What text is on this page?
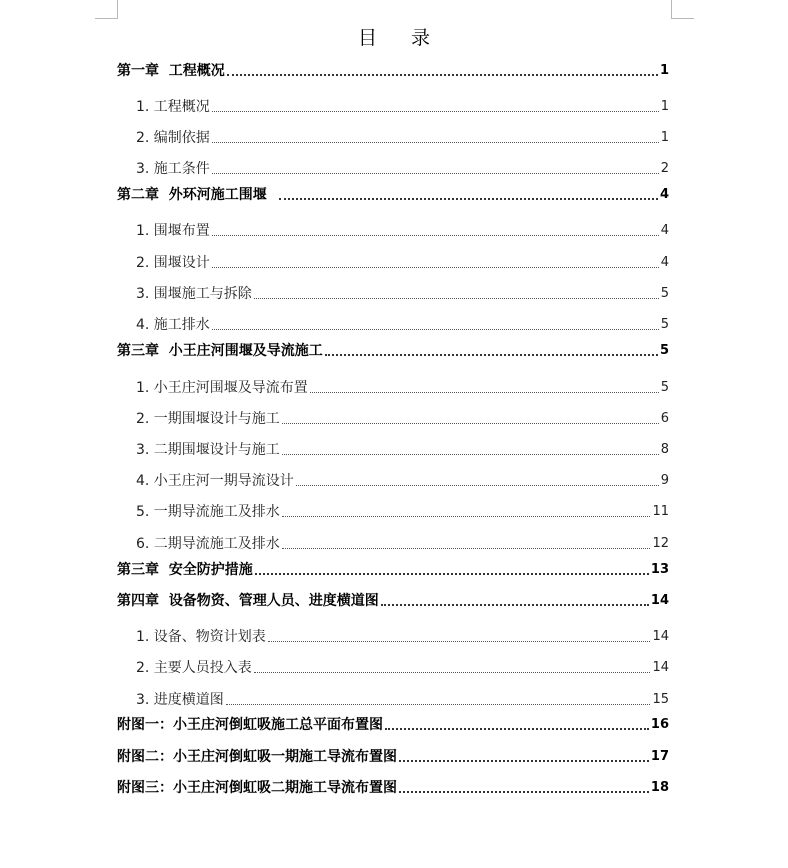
目 录
第一章  工程概况	1
1. 工程概况	1
2. 编制依据	1
3. 施工条件	2
第二章  外环河施工围堰	4
1. 围堰布置	4
2. 围堰设计	4
3. 围堰施工与拆除	5
4. 施工排水	5
第三章  小王庄河围堰及导流施工	5
1. 小王庄河围堰及导流布置	5
2. 一期围堰设计与施工	6
3. 二期围堰设计与施工	8
4. 小王庄河一期导流设计	9
5. 一期导流施工及排水	11
6. 二期导流施工及排水	12
第三章  安全防护措施	13
第四章  设备物资、管理人员、进度横道图	14
1. 设备、物资计划表	14
2. 主要人员投入表	14
3. 进度横道图	15
附图一：小王庄河倒虹吸施工总平面布置图	16
附图二：小王庄河倒虹吸一期施工导流布置图	17
附图三：小王庄河倒虹吸二期施工导流布置图	18
